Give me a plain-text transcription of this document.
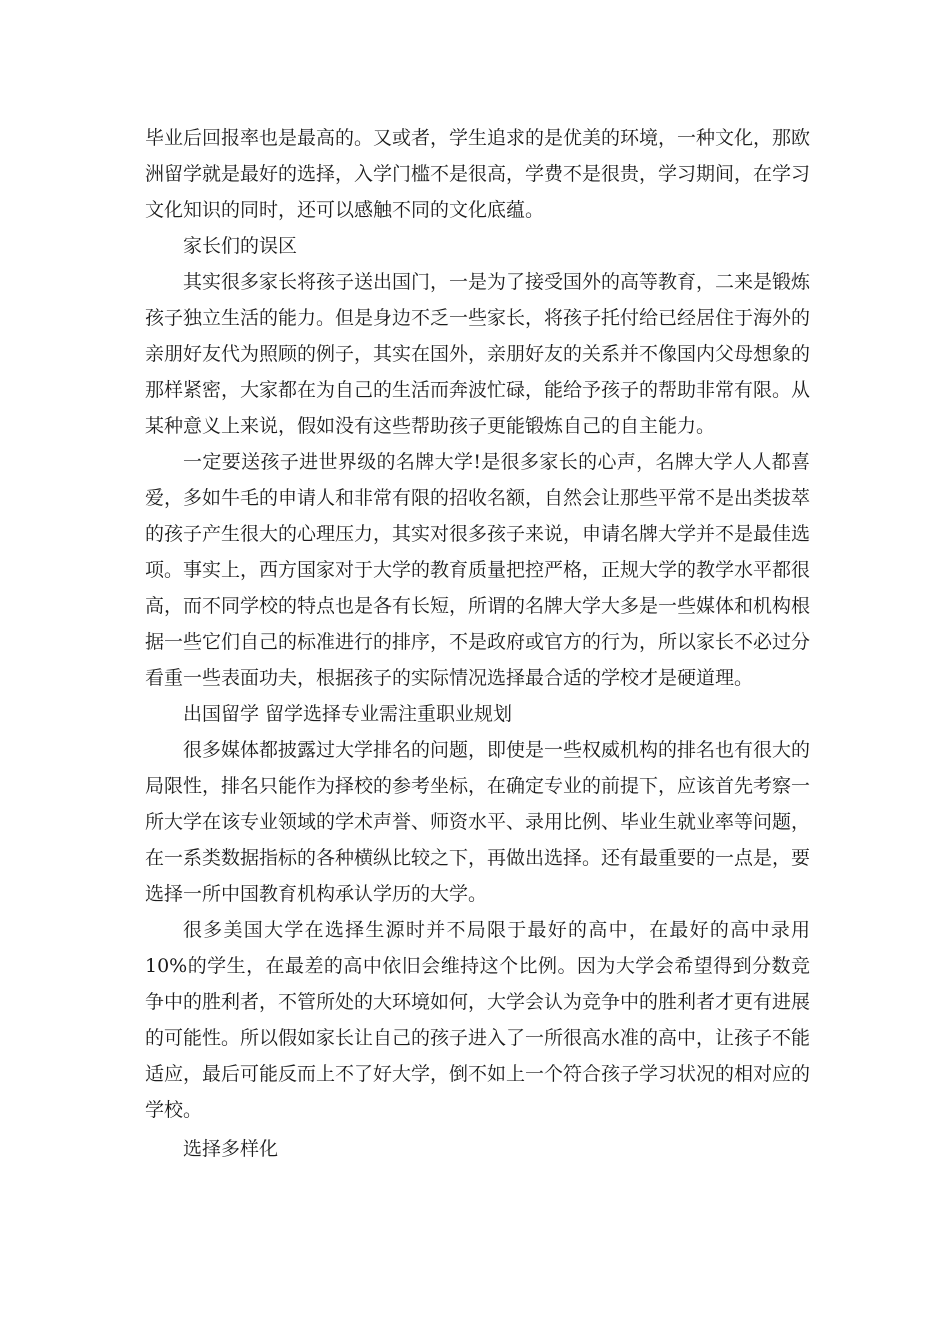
毕业后回报率也是最高的。又或者，学生追求的是优美的环境，一种文化，那欧洲留学就是最好的选择，入学门槛不是很高，学费不是很贵，学习期间，在学习文化知识的同时，还可以感触不同的文化底蕴。

家长们的误区

其实很多家长将孩子送出国门，一是为了接受国外的高等教育，二来是锻炼孩子独立生活的能力。但是身边不乏一些家长，将孩子托付给已经居住于海外的亲朋好友代为照顾的例子，其实在国外，亲朋好友的关系并不像国内父母想象的那样紧密，大家都在为自己的生活而奔波忙碌，能给予孩子的帮助非常有限。从某种意义上来说，假如没有这些帮助孩子更能锻炼自己的自主能力。

一定要送孩子进世界级的名牌大学!是很多家长的心声，名牌大学人人都喜爱，多如牛毛的申请人和非常有限的招收名额，自然会让那些平常不是出类拔萃的孩子产生很大的心理压力，其实对很多孩子来说，申请名牌大学并不是最佳选项。事实上，西方国家对于大学的教育质量把控严格，正规大学的教学水平都很高，而不同学校的特点也是各有长短，所谓的名牌大学大多是一些媒体和机构根据一些它们自己的标准进行的排序，不是政府或官方的行为，所以家长不必过分看重一些表面功夫，根据孩子的实际情况选择最合适的学校才是硬道理。

出国留学 留学选择专业需注重职业规划

很多媒体都披露过大学排名的问题，即使是一些权威机构的排名也有很大的局限性，排名只能作为择校的参考坐标，在确定专业的前提下，应该首先考察一所大学在该专业领域的学术声誉、师资水平、录用比例、毕业生就业率等问题，在一系类数据指标的各种横纵比较之下，再做出选择。还有最重要的一点是，要选择一所中国教育机构承认学历的大学。

很多美国大学在选择生源时并不局限于最好的高中，在最好的高中录用10%的学生，在最差的高中依旧会维持这个比例。因为大学会希望得到分数竞争中的胜利者，不管所处的大环境如何，大学会认为竞争中的胜利者才更有进展的可能性。所以假如家长让自己的孩子进入了一所很高水准的高中，让孩子不能适应，最后可能反而上不了好大学，倒不如上一个符合孩子学习状况的相对应的学校。

选择多样化
